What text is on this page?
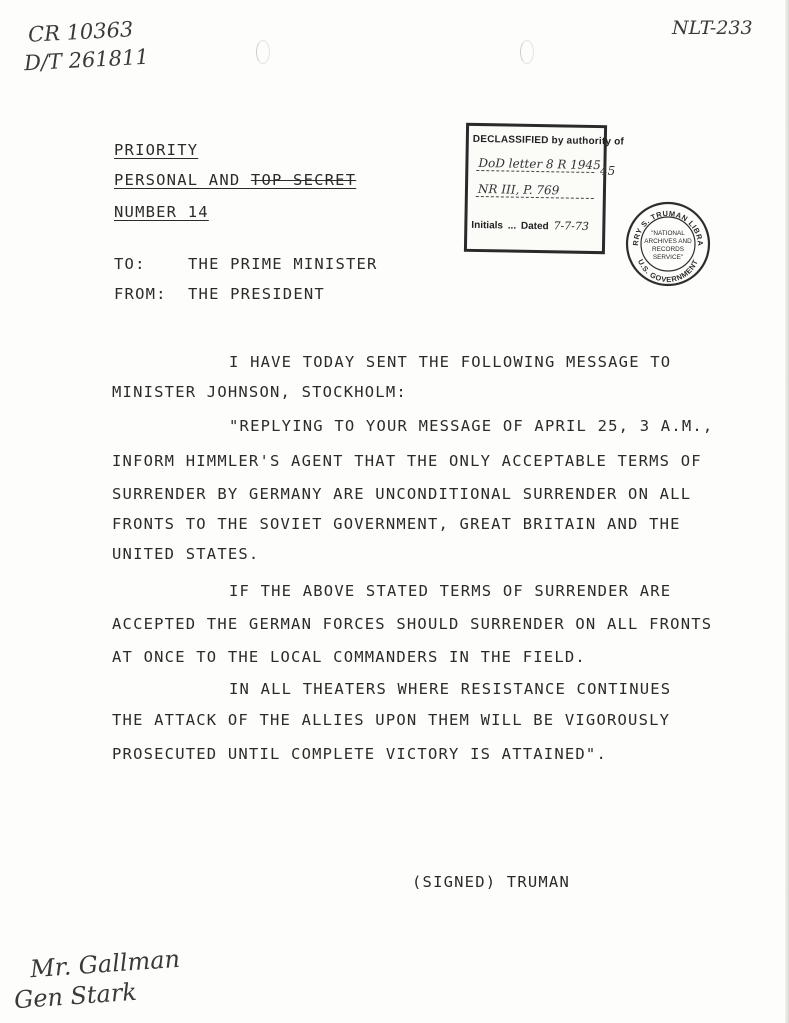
CR 10363
D/T 261811
NLT-233
PRIORITY
PERSONAL AND TOP SECRET
NUMBER 14
DECLASSIFIED by authority of
DoD letter 8 R 1945
NR III, P. 769
Initials ... Dated 7-7-73
45
RRY S. TRUMAN LIBRA
U.S. GOVERNMENT
"NATIONAL
ARCHIVES AND
RECORDS
SERVICE"
TO:	THE PRIME MINISTER
FROM: THE PRESIDENT
I HAVE TODAY SENT THE FOLLOWING MESSAGE TO
MINISTER JOHNSON, STOCKHOLM:
"REPLYING TO YOUR MESSAGE OF APRIL 25, 3 A.M.,
INFORM HIMMLER'S AGENT THAT THE ONLY ACCEPTABLE TERMS OF
SURRENDER BY GERMANY ARE UNCONDITIONAL SURRENDER ON ALL
FRONTS TO THE SOVIET GOVERNMENT, GREAT BRITAIN AND THE
UNITED STATES.
IF THE ABOVE STATED TERMS OF SURRENDER ARE
ACCEPTED THE GERMAN FORCES SHOULD SURRENDER ON ALL FRONTS
AT ONCE TO THE LOCAL COMMANDERS IN THE FIELD.
IN ALL THEATERS WHERE RESISTANCE CONTINUES
THE ATTACK OF THE ALLIES UPON THEM WILL BE VIGOROUSLY
PROSECUTED UNTIL COMPLETE VICTORY IS ATTAINED".
(SIGNED) TRUMAN
Mr. Gallman
Gen Stark
